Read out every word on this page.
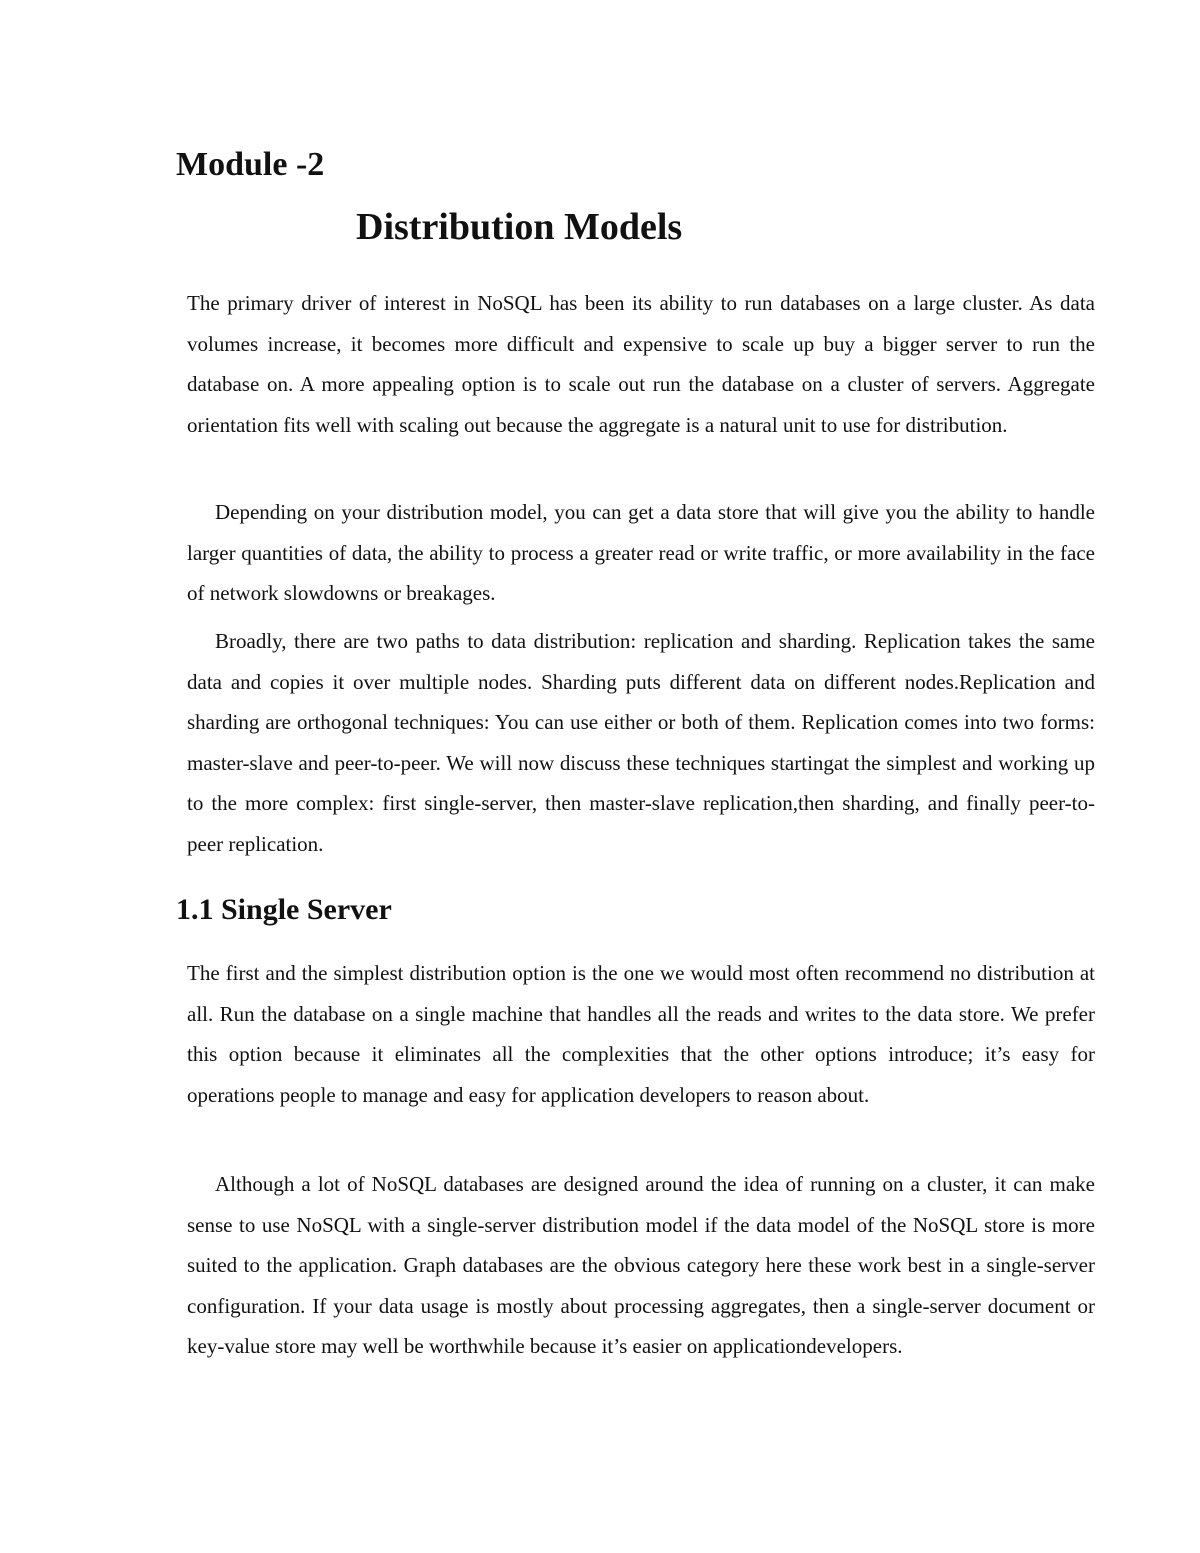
Module -2
Distribution Models

The primary driver of interest in NoSQL has been its ability to run databases on a large cluster. As data volumes increase, it becomes more difficult and expensive to scale up buy a bigger server to run the database on. A more appealing option is to scale out run the database on a cluster of servers. Aggregate orientation fits well with scaling out because the aggregate is a natural unit to use for distribution.

Depending on your distribution model, you can get a data store that will give you the ability to handle larger quantities of data, the ability to process a greater read or write traffic, or more availability in the face of network slowdowns or breakages.

Broadly, there are two paths to data distribution: replication and sharding. Replication takes the same data and copies it over multiple nodes. Sharding puts different data on different nodes.Replication and sharding are orthogonal techniques: You can use either or both of them. Replication comes into two forms: master-slave and peer-to-peer. We will now discuss these techniques startingat the simplest and working up to the more complex: first single-server, then master-slave replication,then sharding, and finally peer-to-peer replication.

1.1 Single Server

The first and the simplest distribution option is the one we would most often recommend no distribution at all. Run the database on a single machine that handles all the reads and writes to the data store. We prefer this option because it eliminates all the complexities that the other options introduce; it’s easy for operations people to manage and easy for application developers to reason about.

Although a lot of NoSQL databases are designed around the idea of running on a cluster, it can make sense to use NoSQL with a single-server distribution model if the data model of the NoSQL store is more suited to the application. Graph databases are the obvious category here these work best in a single-server configuration. If your data usage is mostly about processing aggregates, then a single-server document or key-value store may well be worthwhile because it’s easier on applicationdevelopers.
